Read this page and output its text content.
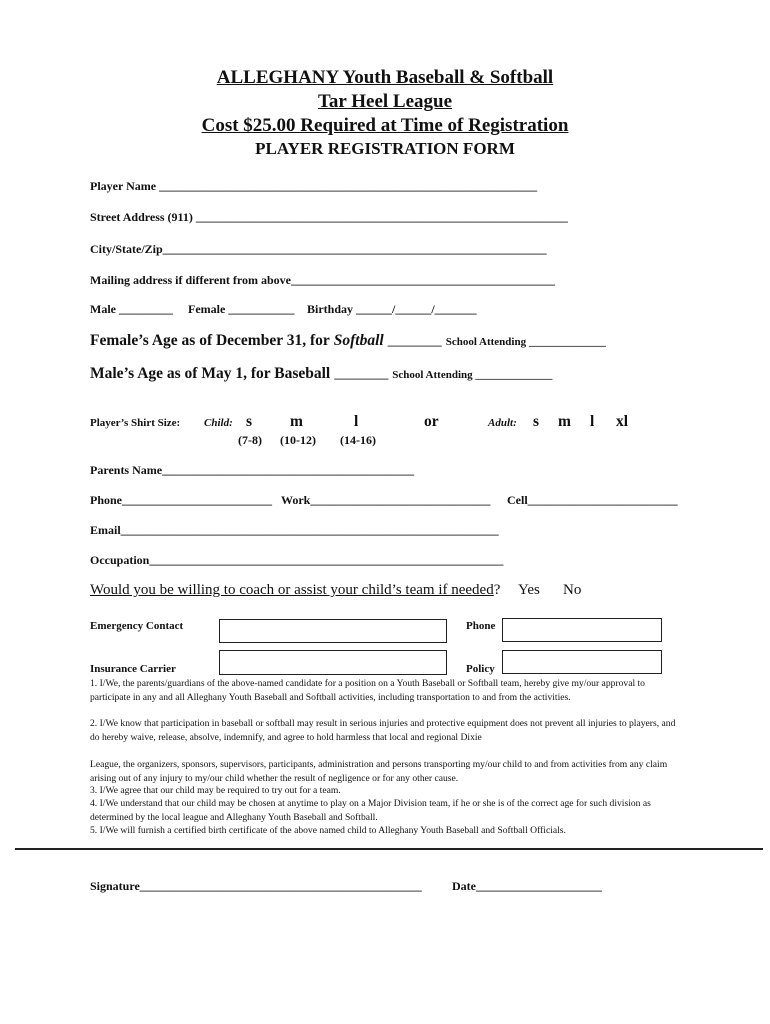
ALLEGHANY Youth Baseball & Softball
Tar Heel League
Cost $25.00 Required at Time of Registration
PLAYER REGISTRATION FORM
Player Name _______________________________________________________________
Street Address (911) ______________________________________________________________
City/State/Zip________________________________________________________________
Mailing address if different from above____________________________________________
Male _________ Female ___________ Birthday ______/______/_______
Female’s Age as of December 31, for Softball _________ School Attending ______________
Male’s Age as of May 1, for Baseball _________ School Attending ______________
Player’s Shirt Size: Child: s m	l
(7-8) (10-12) (14-16)
or	Adult: s m l xl
Parents Name__________________________________________
Phone_________________________ Work______________________________ Cell_________________________
Email_______________________________________________________________
Occupation___________________________________________________________
Would you be willing to coach or assist your child’s team if needed? Yes No
Emergency Contact	Phone
Insurance Carrier	Policy
1. I/We, the parents/guardians of the above-named candidate for a position on a Youth Baseball or Softball team, hereby give my/our approval to participate in any and all Alleghany Youth Baseball and Softball activities, including transportation to and from the activities.
2. I/We know that participation in baseball or softball may result in serious injuries and protective equipment does not prevent all injuries to players, and do hereby waive, release, absolve, indemnify, and agree to hold harmless that local and regional Dixie
League, the organizers, sponsors, supervisors, participants, administration and persons transporting my/our child to and from activities from any claim arising out of any injury to my/our child whether the result of negligence or for any other cause.
3. I/We agree that our child may be required to try out for a team.
4. I/We understand that our child may be chosen at anytime to play on a Major Division team, if he or she is of the correct age for such division as determined by the local league and Alleghany Youth Baseball and Softball.
5. I/We will furnish a certified birth certificate of the above named child to Alleghany Youth Baseball and Softball Officials.
Signature_______________________________________________	Date_____________________
